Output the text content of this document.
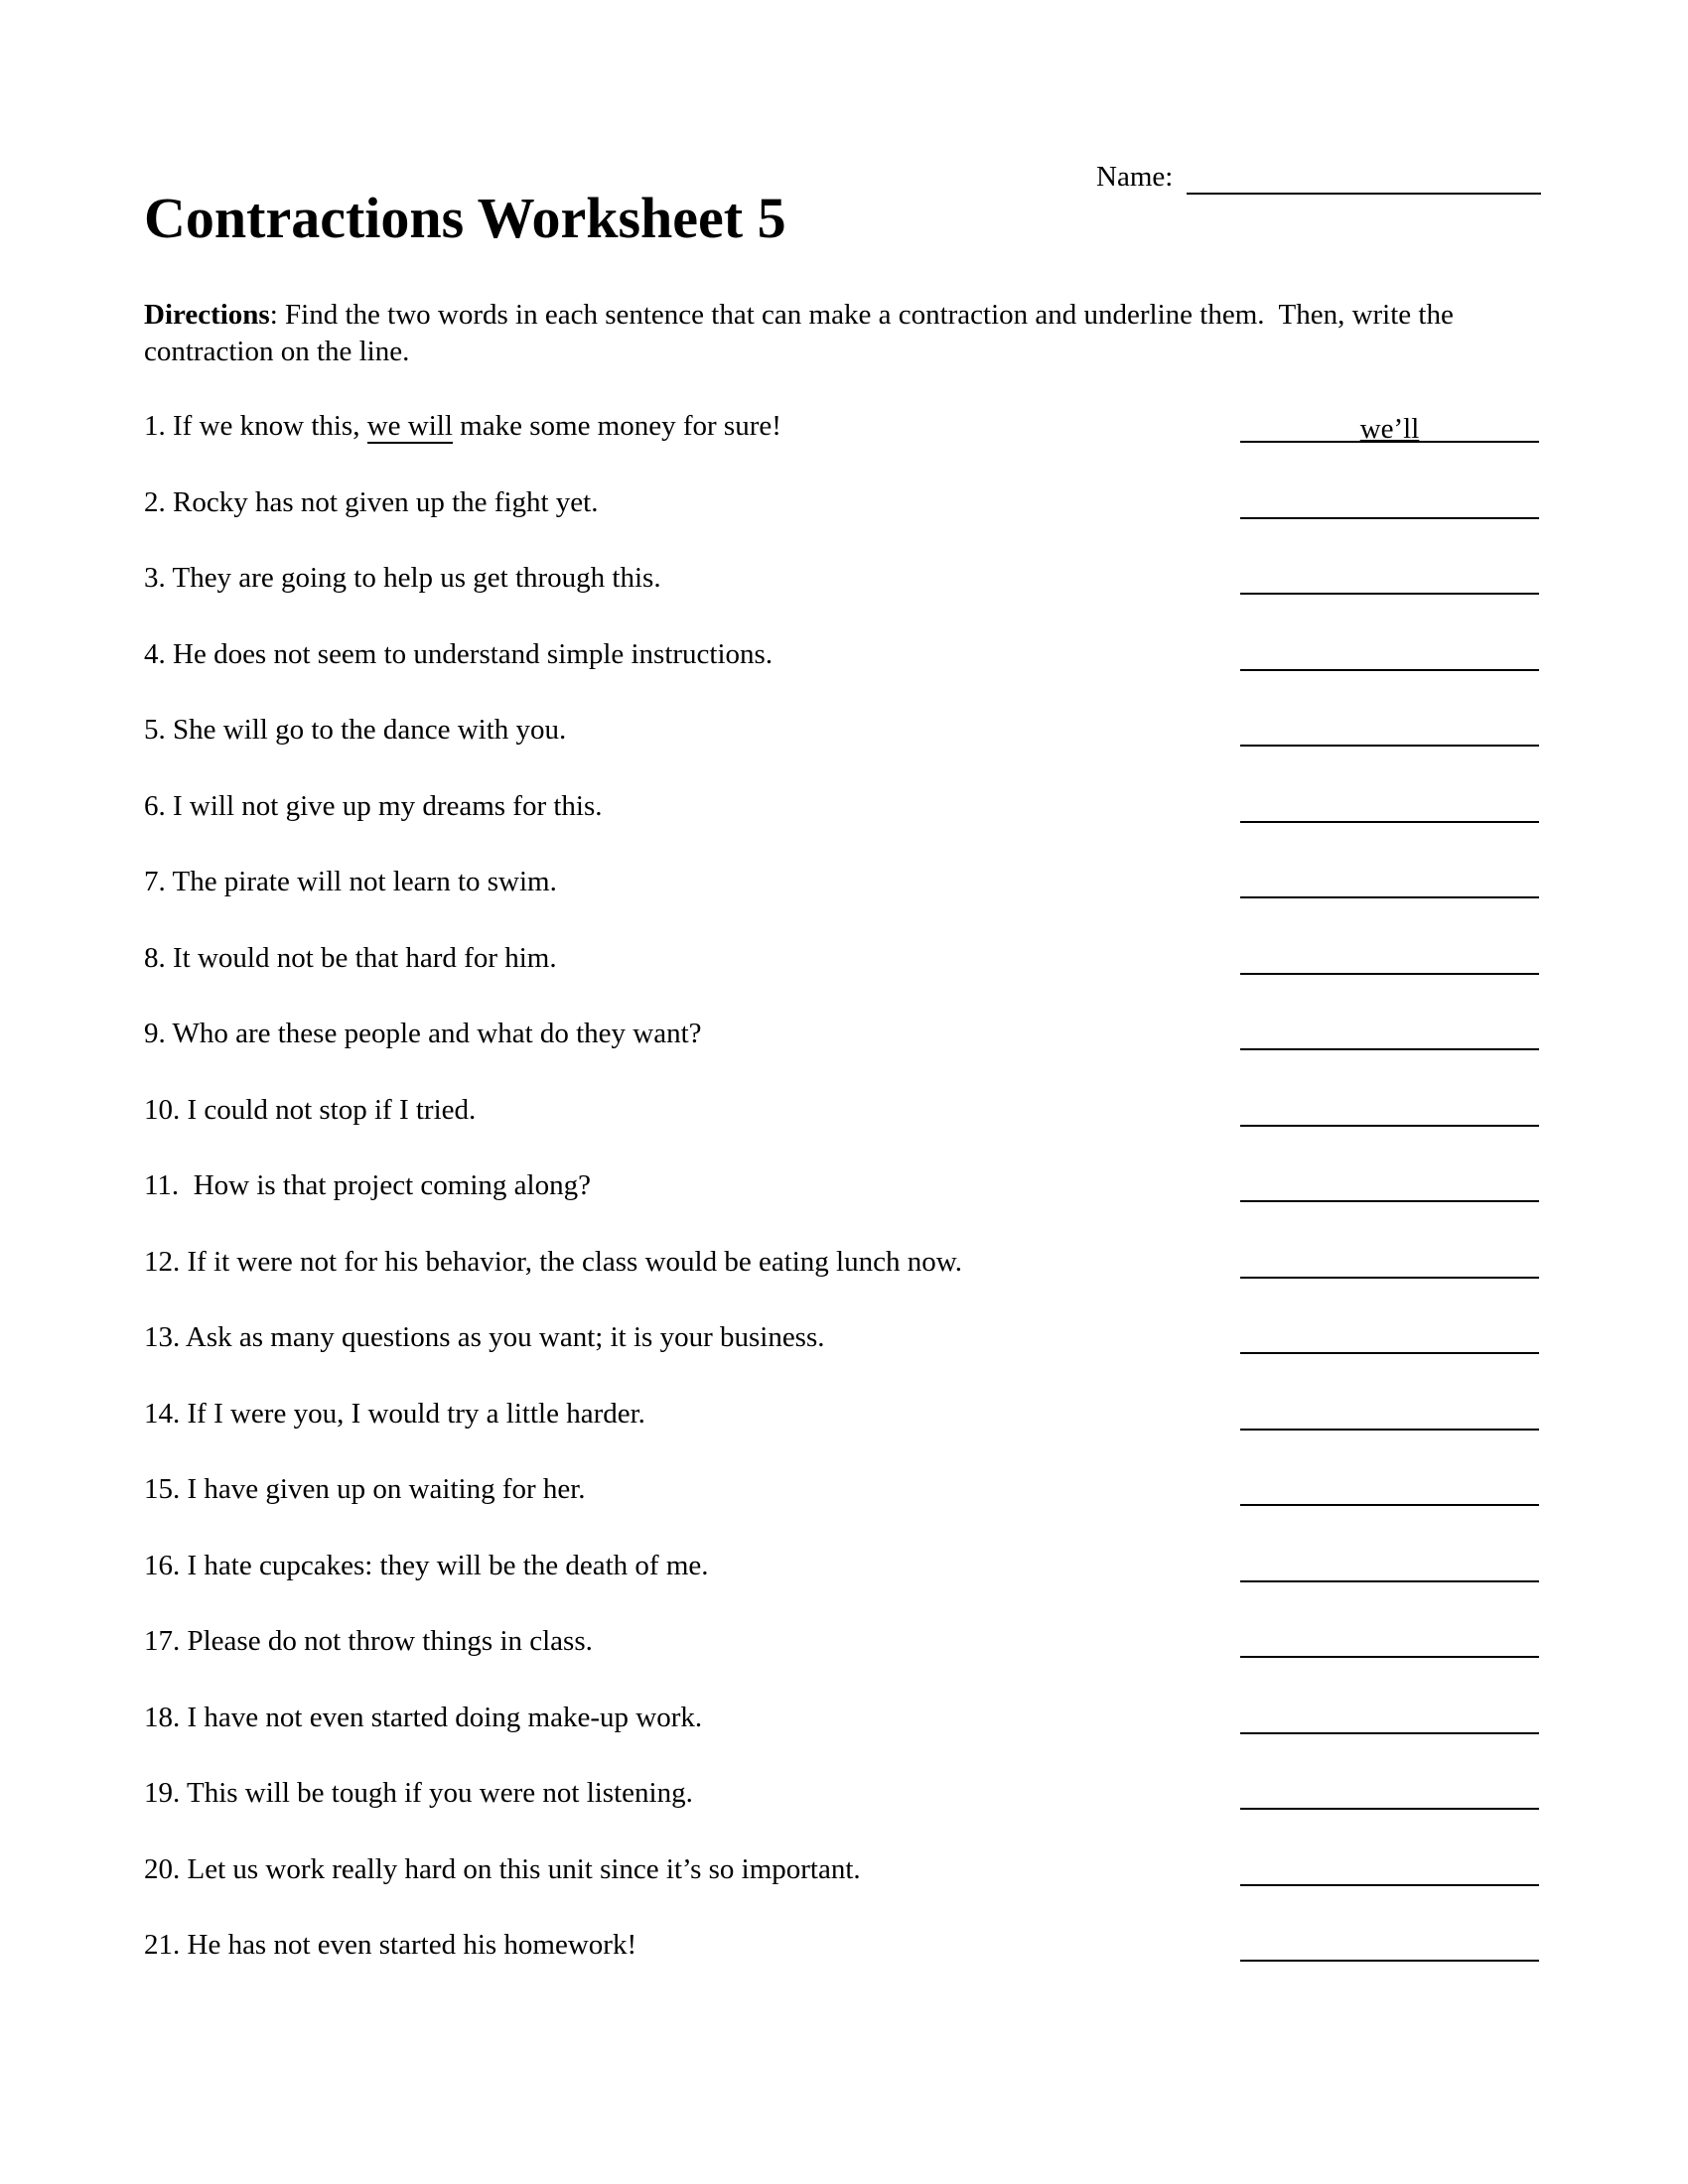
Name:
Contractions Worksheet 5

Directions: Find the two words in each sentence that can make a contraction and underline them.  Then, write the contraction on the line.

1. If we know this, we will make some money for sure!	we’ll
2. Rocky has not given up the fight yet.
3. They are going to help us get through this.
4. He does not seem to understand simple instructions.
5. She will go to the dance with you.
6. I will not give up my dreams for this.
7. The pirate will not learn to swim.
8. It would not be that hard for him.
9. Who are these people and what do they want?
10. I could not stop if I tried.
11.  How is that project coming along?
12. If it were not for his behavior, the class would be eating lunch now.
13. Ask as many questions as you want; it is your business.
14. If I were you, I would try a little harder.
15. I have given up on waiting for her.
16. I hate cupcakes: they will be the death of me.
17. Please do not throw things in class.
18. I have not even started doing make-up work.
19. This will be tough if you were not listening.
20. Let us work really hard on this unit since it’s so important.
21. He has not even started his homework!
